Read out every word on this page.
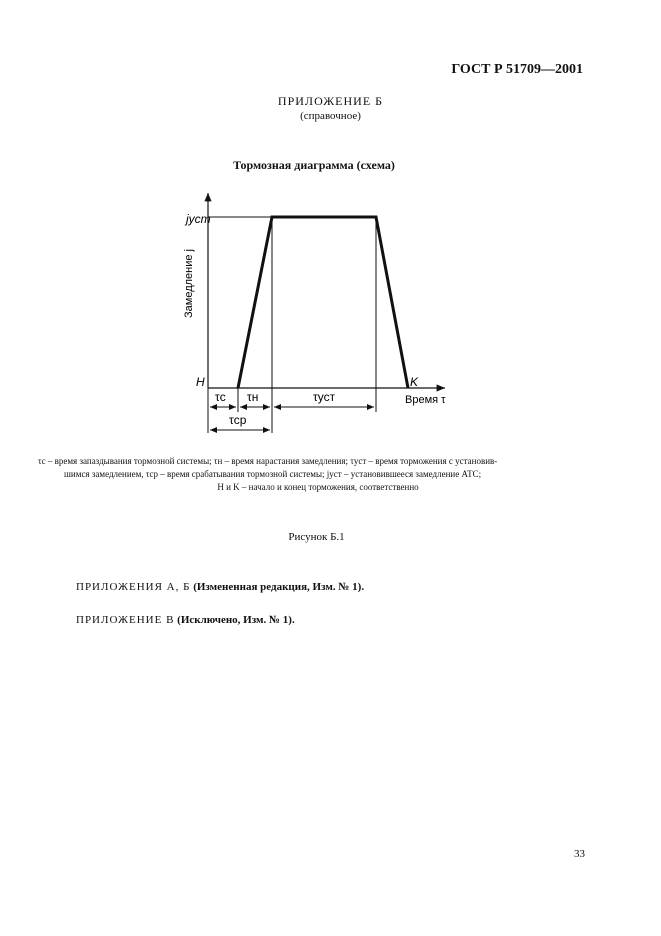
ГОСТ Р 51709—2001
ПРИЛОЖЕНИЕ Б
(справочное)
Тормозная диаграмма (схема)
jуст
Замедление j
H	K
Время τ
τс τн	τуст
τср

τс – время запаздывания тормозной системы; τн – время нарастания замедления; τуст – время торможения с установив-

шимся замедлением, τср – время срабатывания тормозной системы; jуст – установившееся замедление АТС;

H и K – начало и конец торможения, соответственно

Рисунок Б.1
ПРИЛОЖЕНИЯ А, Б (Измененная редакция, Изм. № 1).
ПРИЛОЖЕНИЕ В (Исключено, Изм. № 1).
33
